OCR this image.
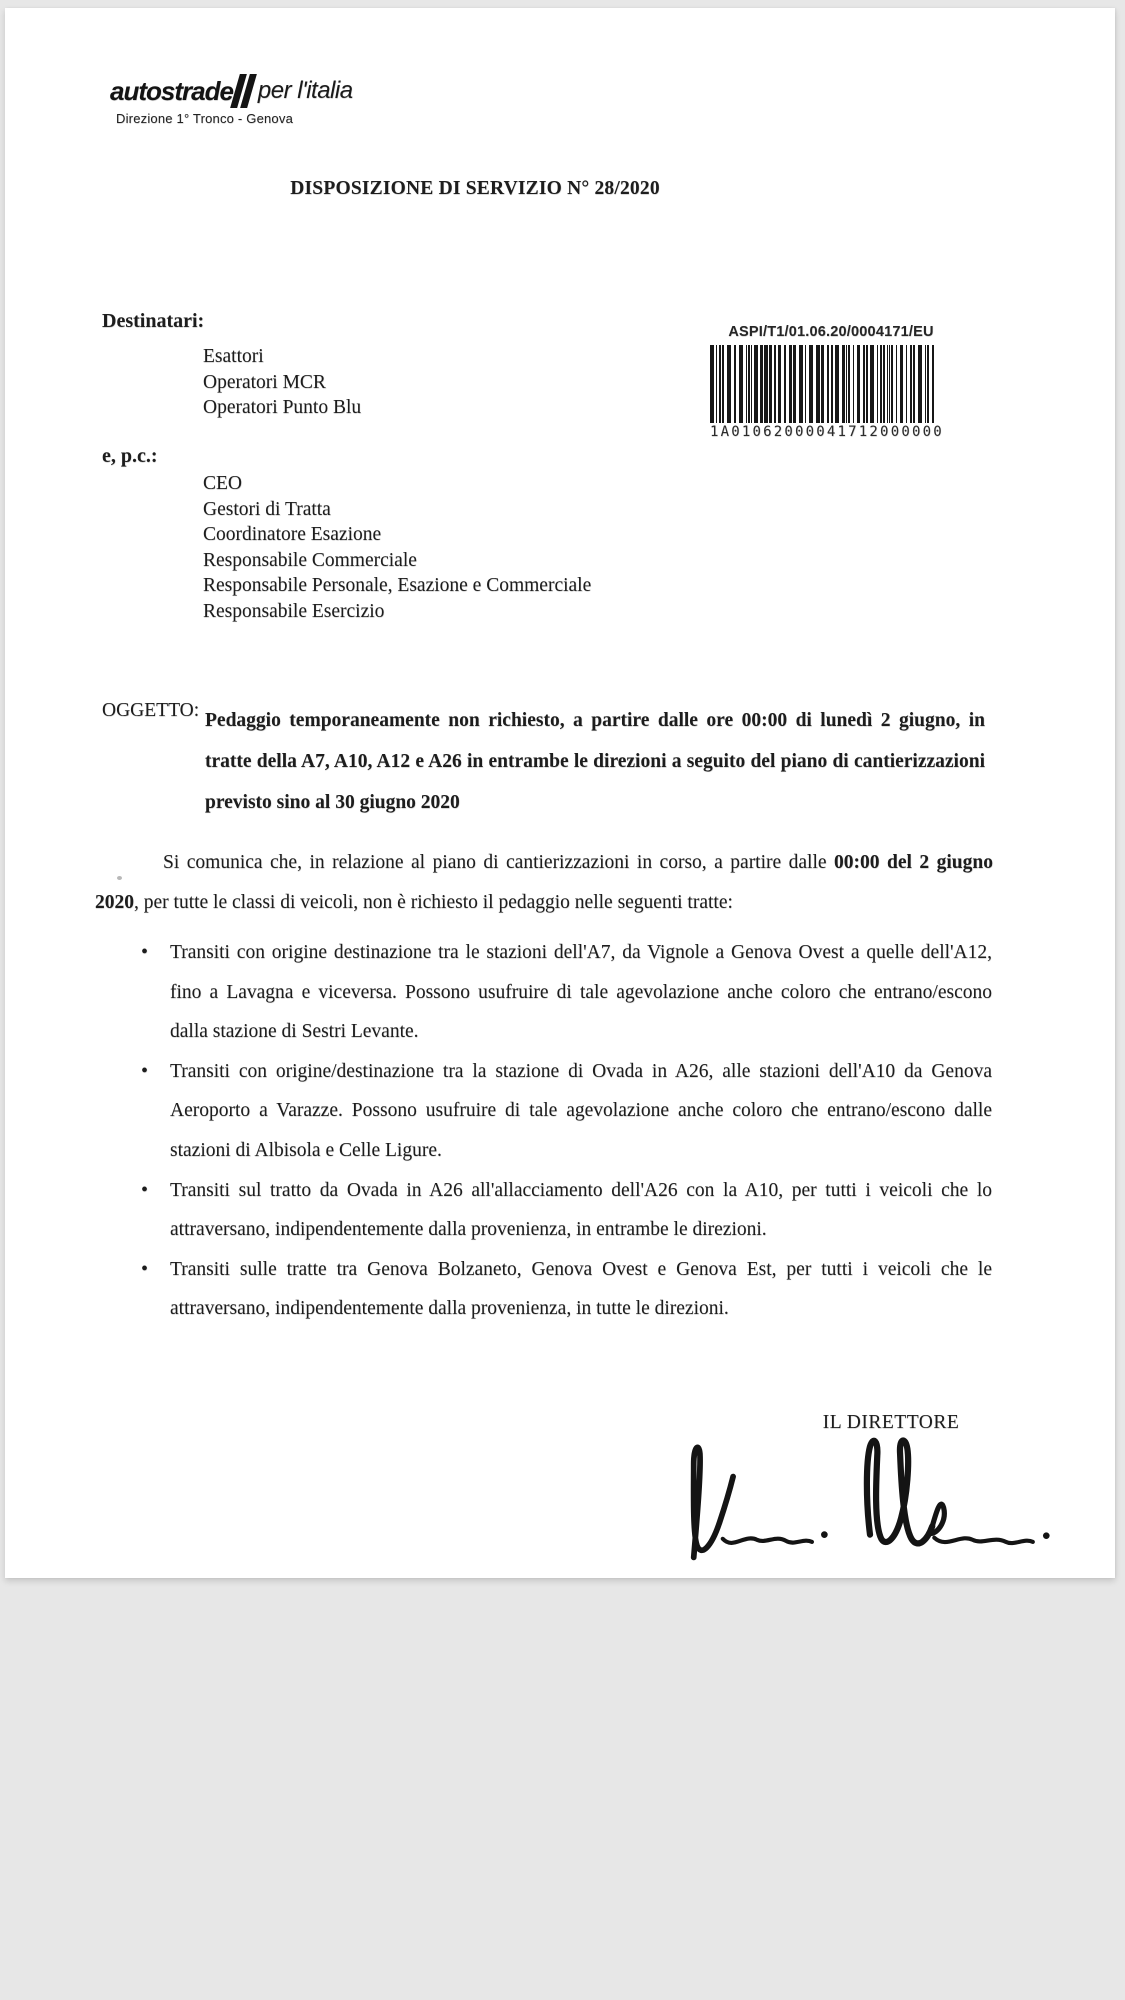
autostrade per l'italia
Direzione 1° Tronco - Genova
DISPOSIZIONE DI SERVIZIO N° 28/2020
Destinatari:
Esattori
Operatori MCR
Operatori Punto Blu
ASPI/T1/01.06.20/0004171/EU
1A01062000041712000000
e, p.c.:
CEO
Gestori di Tratta
Coordinatore Esazione
Responsabile Commerciale
Responsabile Personale, Esazione e Commerciale
Responsabile Esercizio
OGGETTO: Pedaggio temporaneamente non richiesto, a partire dalle ore 00:00 di lunedì 2 giugno, in tratte della A7, A10, A12 e A26 in entrambe le direzioni a seguito del piano di cantierizzazioni previsto sino al 30 giugno 2020

Si comunica che, in relazione al piano di cantierizzazioni in corso, a partire dalle 00:00 del 2 giugno 2020, per tutte le classi di veicoli, non è richiesto il pedaggio nelle seguenti tratte:

• Transiti con origine destinazione tra le stazioni dell'A7, da Vignole a Genova Ovest a quelle dell'A12, fino a Lavagna e viceversa. Possono usufruire di tale agevolazione anche coloro che entrano/escono dalla stazione di Sestri Levante.
• Transiti con origine/destinazione tra la stazione di Ovada in A26, alle stazioni dell'A10 da Genova Aeroporto a Varazze. Possono usufruire di tale agevolazione anche coloro che entrano/escono dalle stazioni di Albisola e Celle Ligure.
• Transiti sul tratto da Ovada in A26 all'allacciamento dell'A26 con la A10, per tutti i veicoli che lo attraversano, indipendentemente dalla provenienza, in entrambe le direzioni.
• Transiti sulle tratte tra Genova Bolzaneto, Genova Ovest e Genova Est, per tutti i veicoli che le attraversano, indipendentemente dalla provenienza, in tutte le direzioni.
IL DIRETTORE
